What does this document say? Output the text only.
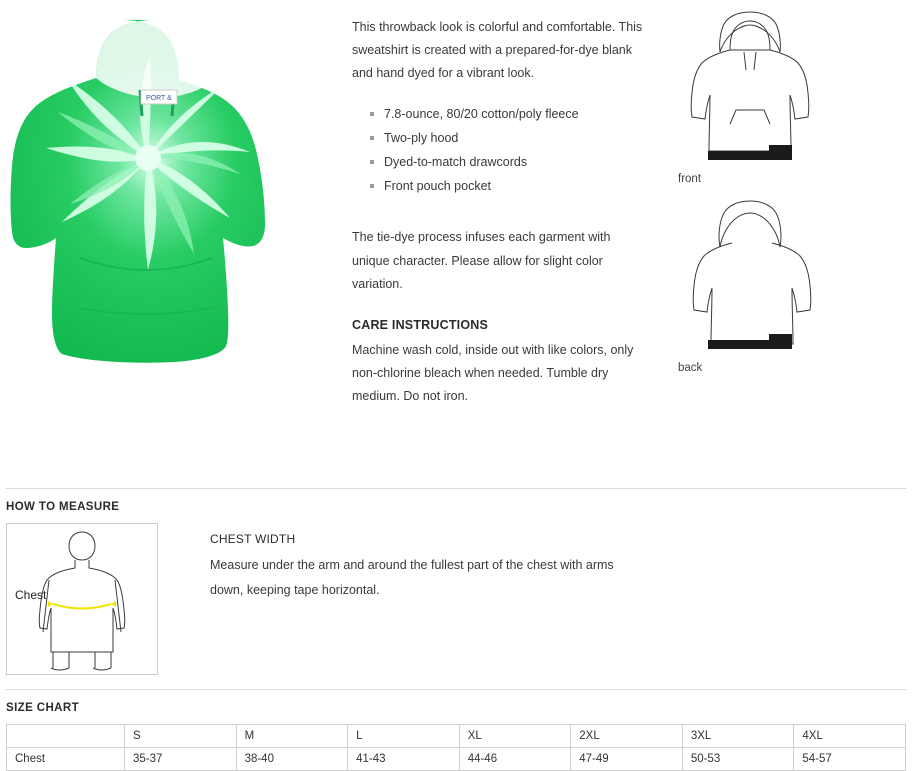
PORT &

This throwback look is colorful and comfortable. This sweatshirt is created with a prepared-for-dye blank and hand dyed for a vibrant look.

7.8-ounce, 80/20 cotton/poly fleece
Two-ply hood
Dyed-to-match drawcords
Front pouch pocket

The tie-dye process infuses each garment with unique character. Please allow for slight color variation.

CARE INSTRUCTIONS

Machine wash cold, inside out with like colors, only non-chlorine bleach when needed. Tumble dry medium. Do not iron.

front
back
HOW TO MEASURE
Chest
CHEST WIDTH

Measure under the arm and around the fullest part of the chest with arms down, keeping tape horizontal.

SIZE CHART
	S	M	L	XL	2XL	3XL	4XL
Chest	35-37	38-40	41-43	44-46	47-49	50-53	54-57
